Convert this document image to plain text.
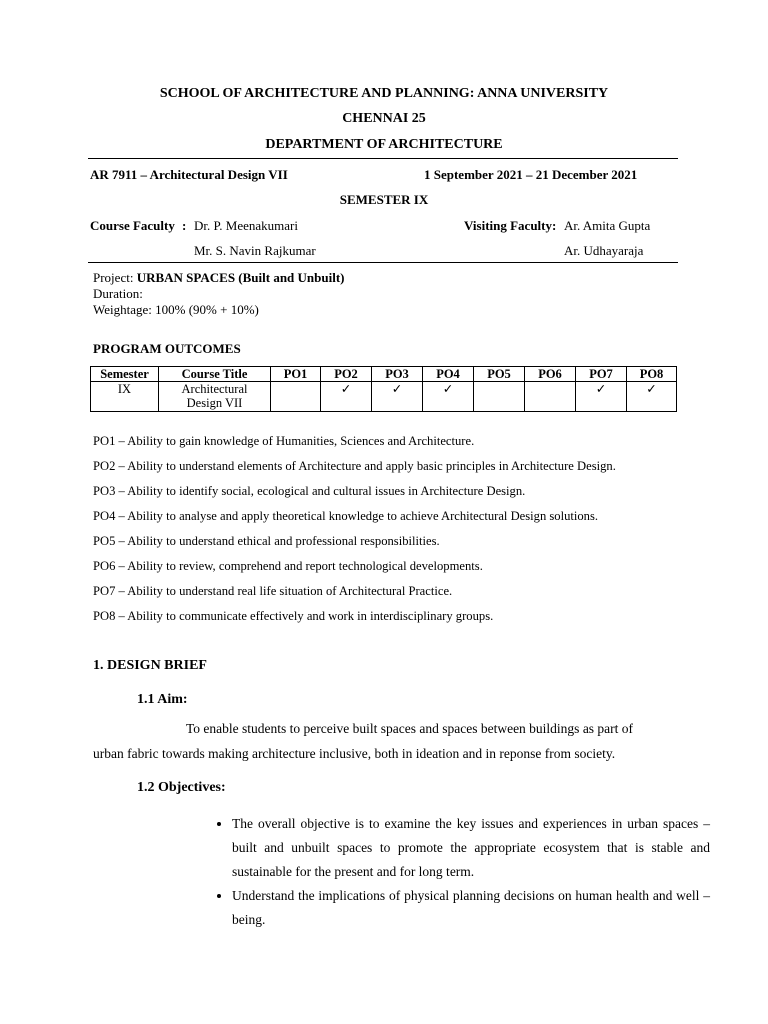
SCHOOL OF ARCHITECTURE AND PLANNING: ANNA UNIVERSITY
CHENNAI 25
DEPARTMENT OF ARCHITECTURE
AR 7911 – Architectural Design VII	1 September 2021 – 21 December 2021
SEMESTER IX
Course Faculty : Dr. P. Meenakumari
Mr. S. Navin Rajkumar
Visiting Faculty: Ar. Amita Gupta
Ar. Udhayaraja
Project: URBAN SPACES (Built and Unbuilt)
Duration:
Weightage: 100% (90% + 10%)
PROGRAM OUTCOMES
Semester	Course Title	PO1	PO2	PO3	PO4	PO5	PO6	PO7	PO8
IX	Architectural Design VII		✓	✓	✓			✓	✓
PO1 – Ability to gain knowledge of Humanities, Sciences and Architecture.
PO2 – Ability to understand elements of Architecture and apply basic principles in Architecture Design.
PO3 – Ability to identify social, ecological and cultural issues in Architecture Design.
PO4 – Ability to analyse and apply theoretical knowledge to achieve Architectural Design solutions.
PO5 – Ability to understand ethical and professional responsibilities.
PO6 – Ability to review, comprehend and report technological developments.
PO7 – Ability to understand real life situation of Architectural Practice.
PO8 – Ability to communicate effectively and work in interdisciplinary groups.
1. DESIGN BRIEF
1.1 Aim:
To enable students to perceive built spaces and spaces between buildings as part of
urban fabric towards making architecture inclusive, both in ideation and in reponse from society.
1.2 Objectives:
• The overall objective is to examine the key issues and experiences in urban spaces – built and unbuilt spaces to promote the appropriate ecosystem that is stable and sustainable for the present and for long term.
• Understand the implications of physical planning decisions on human health and well – being.
